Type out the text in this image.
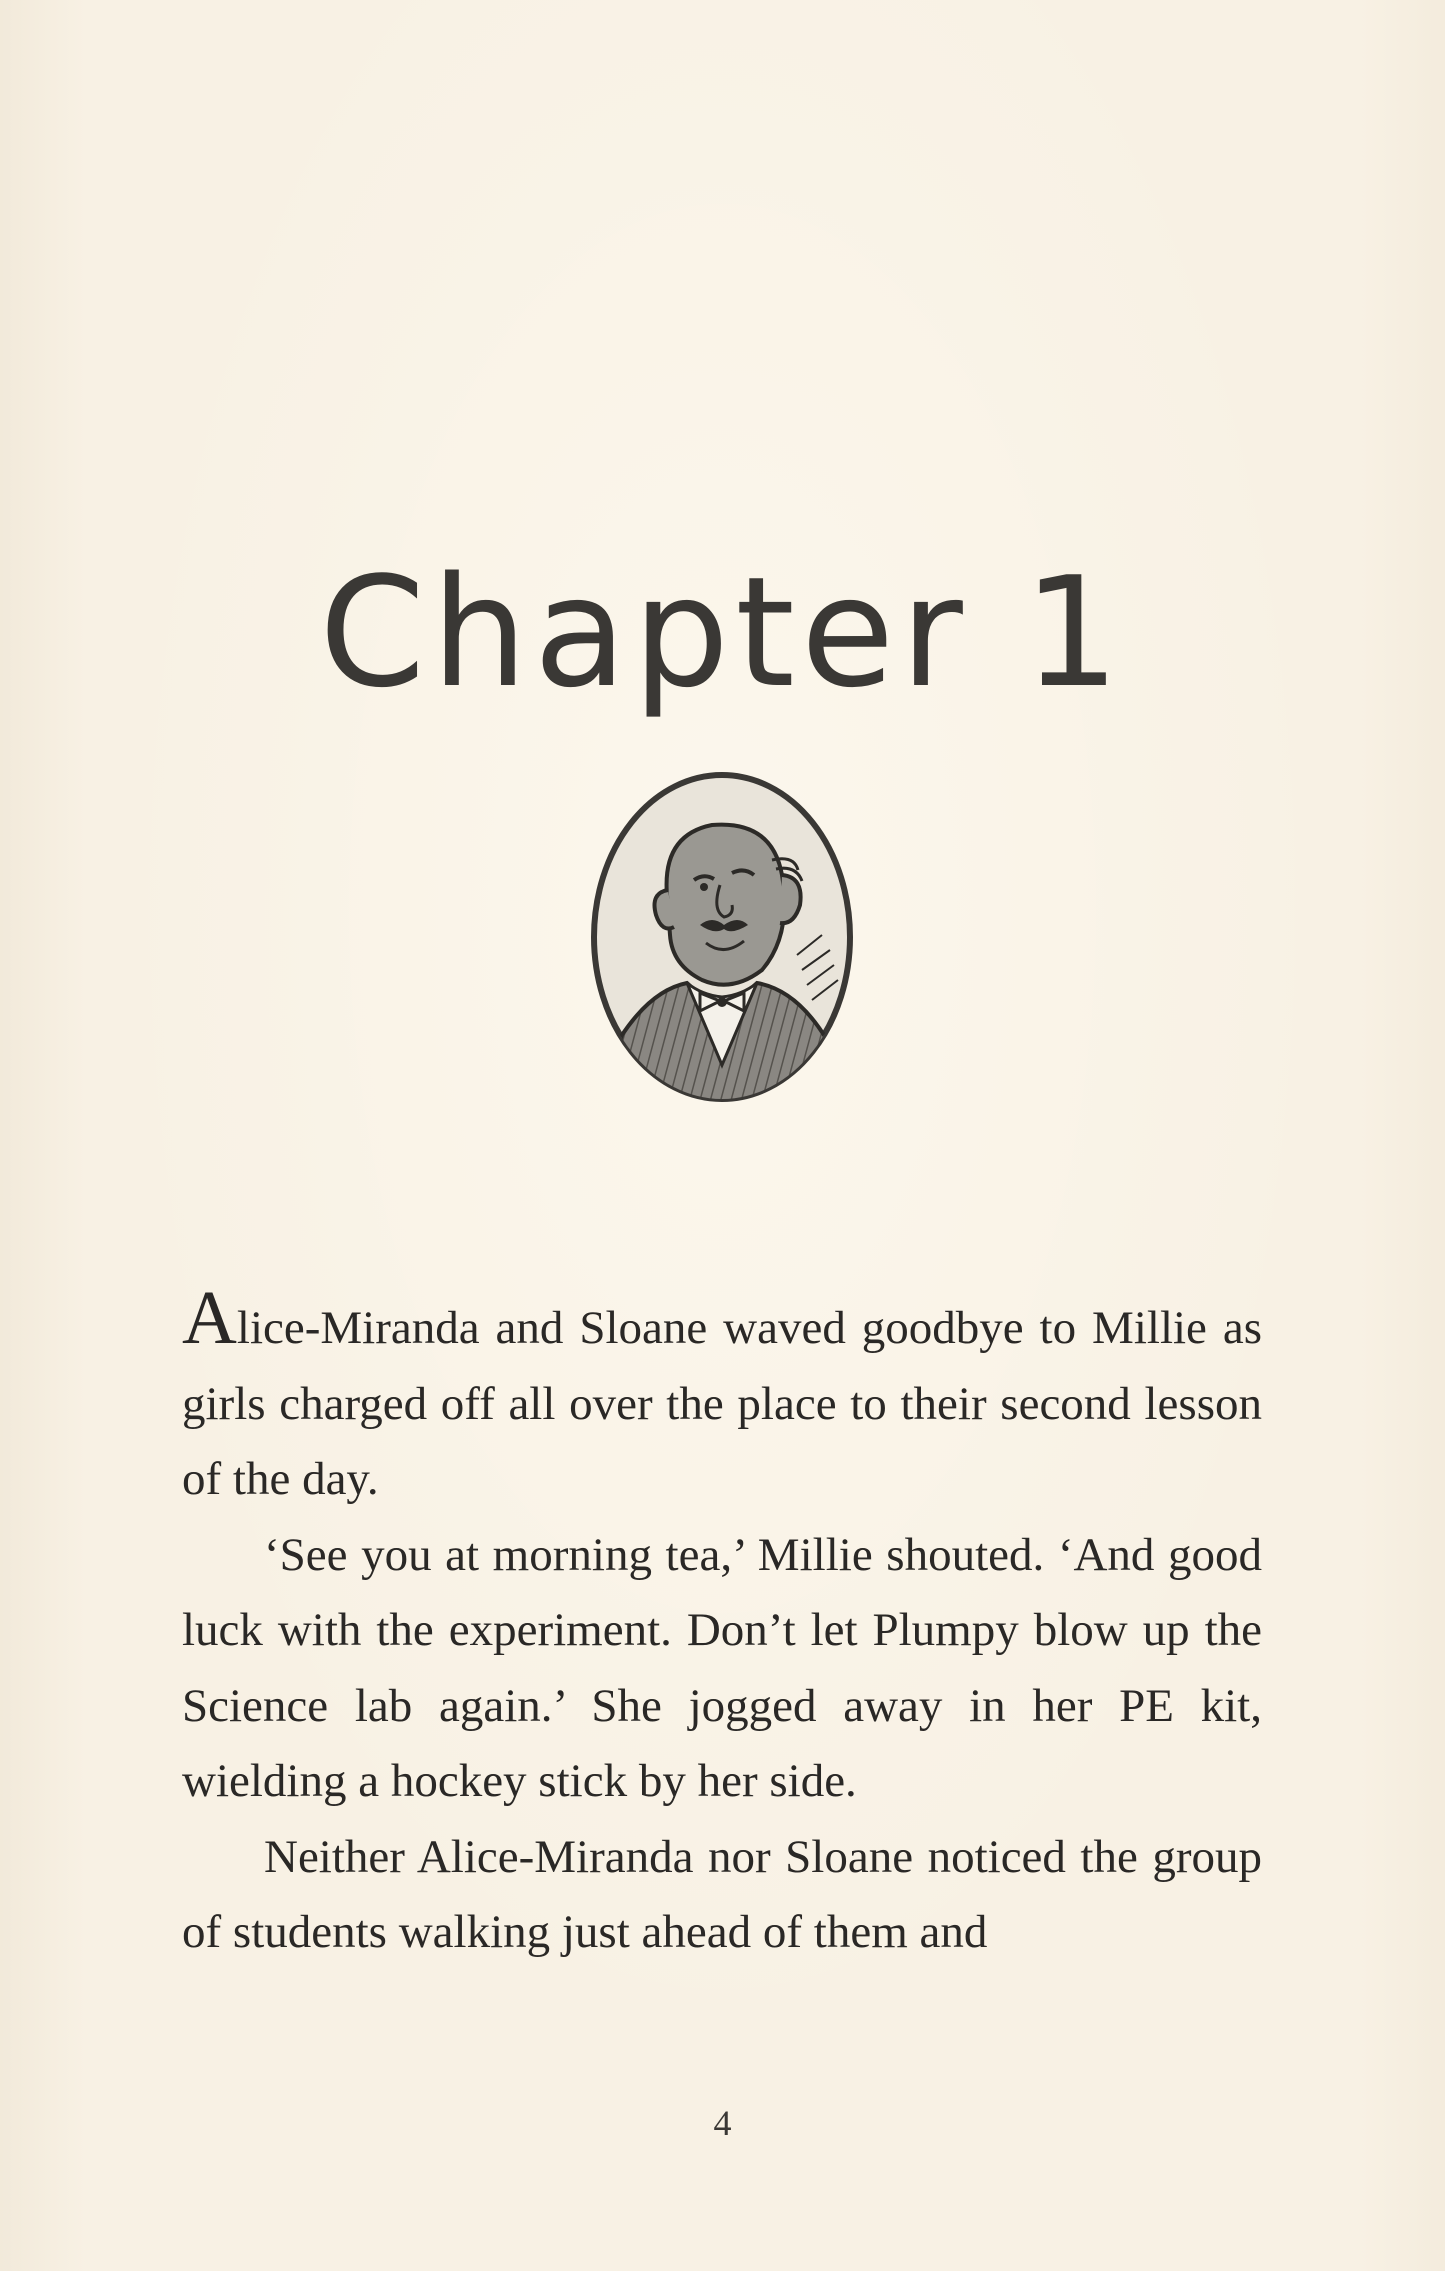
Chapter 1

Alice-Miranda and Sloane waved goodbye to Millie as girls charged off all over the place to their second lesson of the day.

‘See you at morning tea,’ Millie shouted. ‘And good luck with the experiment. Don’t let Plumpy blow up the Science lab again.’ She jogged away in her PE kit, wielding a hockey stick by her side.

Neither Alice-Miranda nor Sloane noticed the group of students walking just ahead of them and

4
